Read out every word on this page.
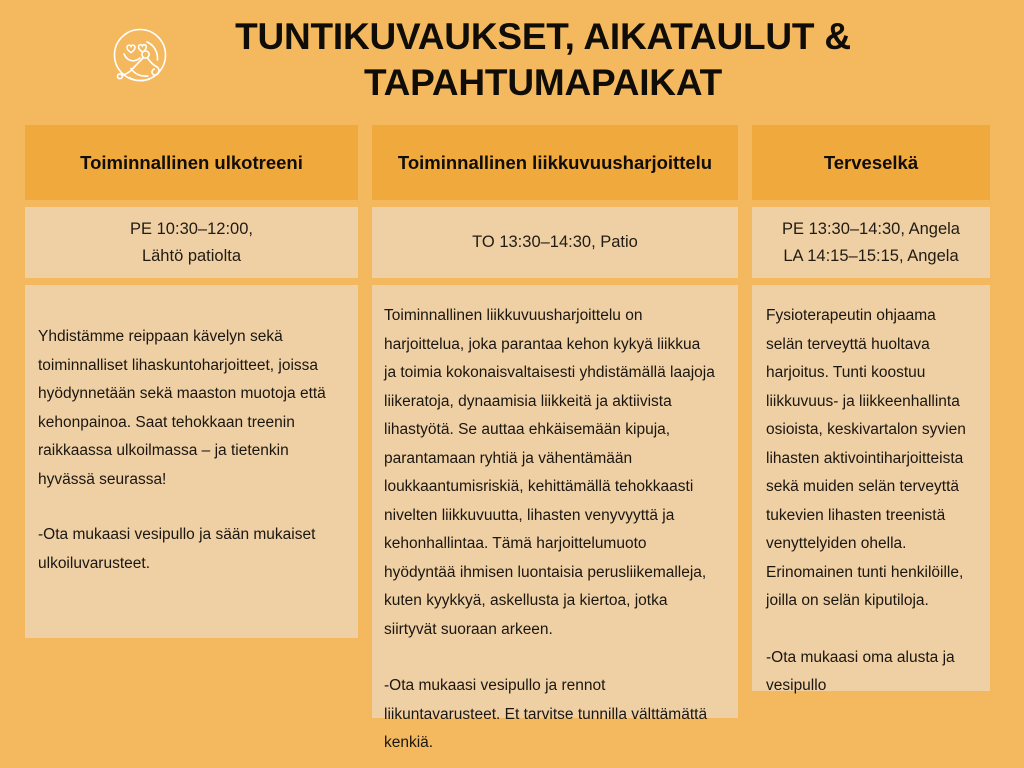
TUNTIKUVAUKSET, AIKATAULUT & TAPAHTUMAPAIKAT
Toiminnallinen ulkotreeni
PE 10:30–12:00,
Lähtö patiolta

Yhdistämme reippaan kävelyn sekä toiminnalliset lihaskuntoharjoitteet, joissa hyödynnetään sekä maaston muotoja että kehonpainoa. Saat tehokkaan treenin raikkaassa ulkoilmassa – ja tietenkin hyvässä seurassa!

-Ota mukaasi vesipullo ja sään mukaiset ulkoiluvarusteet.

Toiminnallinen liikkuvuusharjoittelu
TO 13:30–14:30, Patio

Toiminnallinen liikkuvuusharjoittelu on harjoittelua, joka parantaa kehon kykyä liikkua ja toimia kokonaisvaltaisesti yhdistämällä laajoja liikeratoja, dynaamisia liikkeitä ja aktiivista lihastyötä. Se auttaa ehkäisemään kipuja, parantamaan ryhtiä ja vähentämään loukkaantumisriskiä, kehittämällä tehokkaasti nivelten liikkuvuutta, lihasten venyvyyttä ja kehonhallintaa. Tämä harjoittelumuoto hyödyntää ihmisen luontaisia perusliikemalleja, kuten kyykkyä, askellusta ja kiertoa, jotka siirtyvät suoraan arkeen.

-Ota mukaasi vesipullo ja rennot liikuntavarusteet. Et tarvitse tunnilla välttämättä kenkiä.

Terveselkä
PE 13:30–14:30, Angela
LA 14:15–15:15, Angela

Fysioterapeutin ohjaama selän terveyttä huoltava harjoitus. Tunti koostuu liikkuvuus- ja liikkeenhallinta osioista, keskivartalon syvien lihasten aktivointiharjoitteista sekä muiden selän terveyttä tukevien lihasten treenistä venyttelyiden ohella. Erinomainen tunti henkilöille, joilla on selän kiputiloja.

-Ota mukaasi oma alusta ja vesipullo
